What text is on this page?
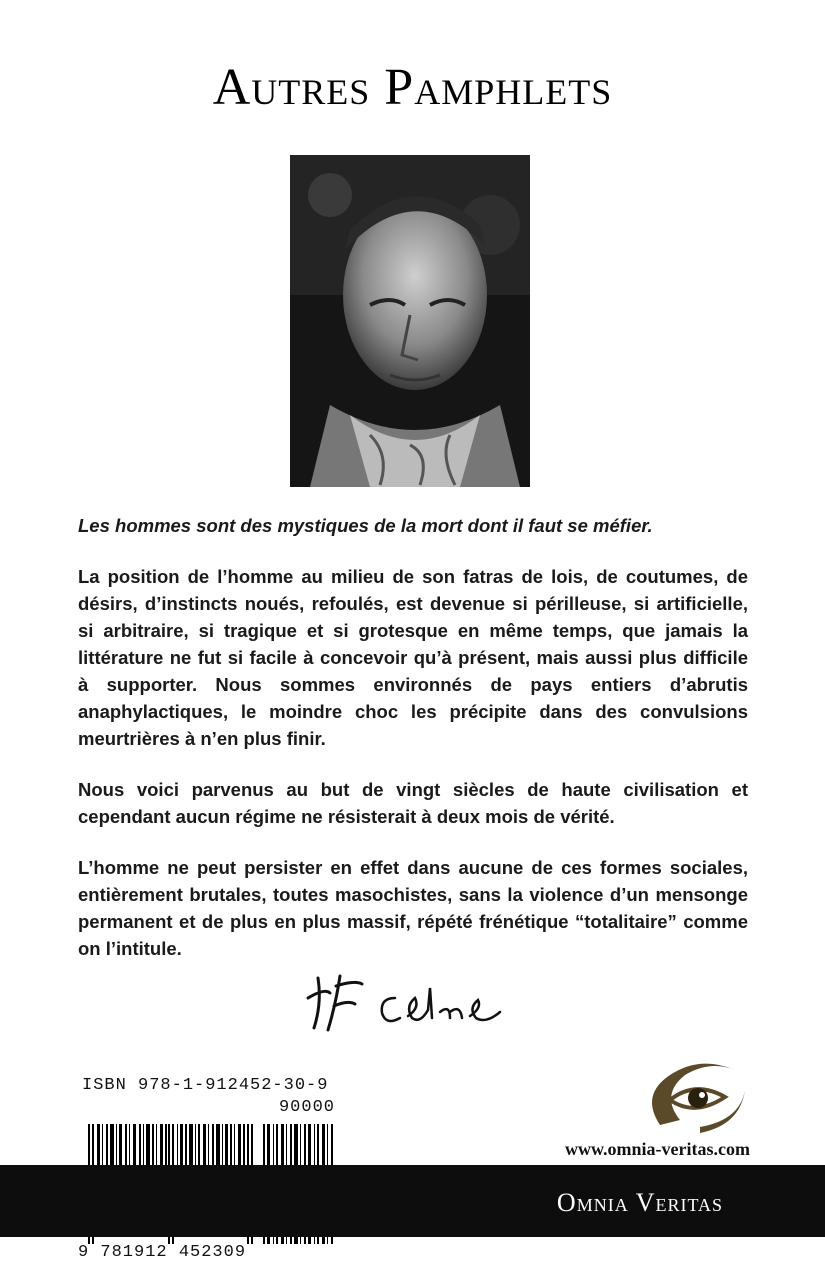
Autres Pamphlets

Les hommes sont des mystiques de la mort dont il faut se méfier.

La position de l’homme au milieu de son fatras de lois, de coutumes, de désirs, d’instincts noués, refoulés, est devenue si périlleuse, si artificielle, si arbitraire, si tragique et si grotesque en même temps, que jamais la littérature ne fut si facile à concevoir qu’à présent, mais aussi plus difficile à supporter. Nous sommes environnés de pays entiers d’abrutis anaphylactiques, le moindre choc les précipite dans des convulsions meurtrières à n’en plus finir.

Nous voici parvenus au but de vingt siècles de haute civilisation et cependant aucun régime ne résisterait à deux mois de vérité.

L’homme ne peut persister en effet dans aucune de ces formes sociales, entièrement brutales, toutes masochistes, sans la violence d’un mensonge permanent et de plus en plus massif, répété frénétique “totalitaire” comme on l’intitule.

ISBN 978-1-912452-30-9
90000
9 781912 452309
www.omnia-veritas.com
Omnia Veritas
